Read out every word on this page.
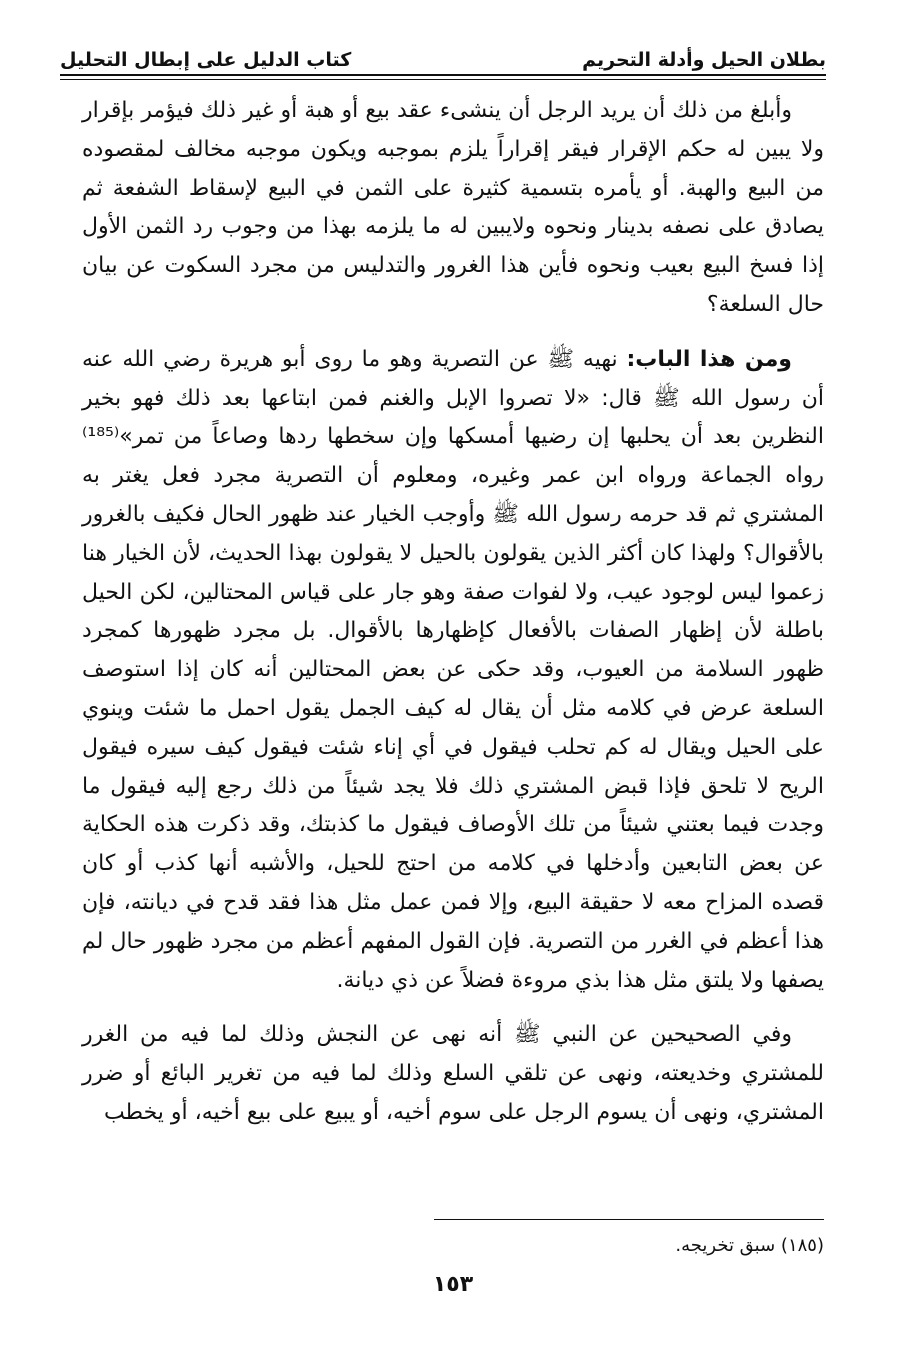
بطلان الحيل وأدلة التحريم
كتاب الدليل على إبطال التحليل

وأبلغ من ذلك أن يريد الرجل أن ينشىء عقد بيع أو هبة أو غير ذلك فيؤمر بإقرار ولا يبين له حكم الإقرار فيقر إقراراً يلزم بموجبه ويكون موجبه مخالف لمقصوده من البيع والهبة. أو يأمره بتسمية كثيرة على الثمن في البيع لإسقاط الشفعة ثم يصادق على نصفه بدينار ونحوه ولايبين له ما يلزمه بهذا من وجوب رد الثمن الأول إذا فسخ البيع بعيب ونحوه فأين هذا الغرور والتدليس من مجرد السكوت عن بيان حال السلعة؟

ومن هذا الباب: نهيه ﷺ عن التصرية وهو ما روى أبو هريرة رضي الله عنه أن رسول الله ﷺ قال: «لا تصروا الإبل والغنم فمن ابتاعها بعد ذلك فهو بخير النظرين بعد أن يحلبها إن رضيها أمسكها وإن سخطها ردها وصاعاً من تمر»⁽¹⁸⁵⁾ رواه الجماعة ورواه ابن عمر وغيره، ومعلوم أن التصرية مجرد فعل يغتر به المشتري ثم قد حرمه رسول الله ﷺ وأوجب الخيار عند ظهور الحال فكيف بالغرور بالأقوال؟ ولهذا كان أكثر الذين يقولون بالحيل لا يقولون بهذا الحديث، لأن الخيار هنا زعموا ليس لوجود عيب، ولا لفوات صفة وهو جار على قياس المحتالين، لكن الحيل باطلة لأن إظهار الصفات بالأفعال كإظهارها بالأقوال. بل مجرد ظهورها كمجرد ظهور السلامة من العيوب، وقد حكى عن بعض المحتالين أنه كان إذا استوصف السلعة عرض في كلامه مثل أن يقال له كيف الجمل يقول احمل ما شئت وينوي على الحيل ويقال له كم تحلب فيقول في أي إناء شئت فيقول كيف سيره فيقول الريح لا تلحق فإذا قبض المشتري ذلك فلا يجد شيئاً من ذلك رجع إليه فيقول ما وجدت فيما بعتني شيئاً من تلك الأوصاف فيقول ما كذبتك، وقد ذكرت هذه الحكاية عن بعض التابعين وأدخلها في كلامه من احتج للحيل، والأشبه أنها كذب أو كان قصده المزاح معه لا حقيقة البيع، وإلا فمن عمل مثل هذا فقد قدح في ديانته، فإن هذا أعظم في الغرر من التصرية. فإن القول المفهم أعظم من مجرد ظهور حال لم يصفها ولا يلتق مثل هذا بذي مروءة فضلاً عن ذي ديانة.

وفي الصحيحين عن النبي ﷺ أنه نهى عن النجش وذلك لما فيه من الغرر للمشتري وخديعته، ونهى عن تلقي السلع وذلك لما فيه من تغرير البائع أو ضرر المشتري، ونهى أن يسوم الرجل على سوم أخيه، أو يبيع على بيع أخيه، أو يخطب

(١٨٥) سبق تخريجه.
١٥٣
